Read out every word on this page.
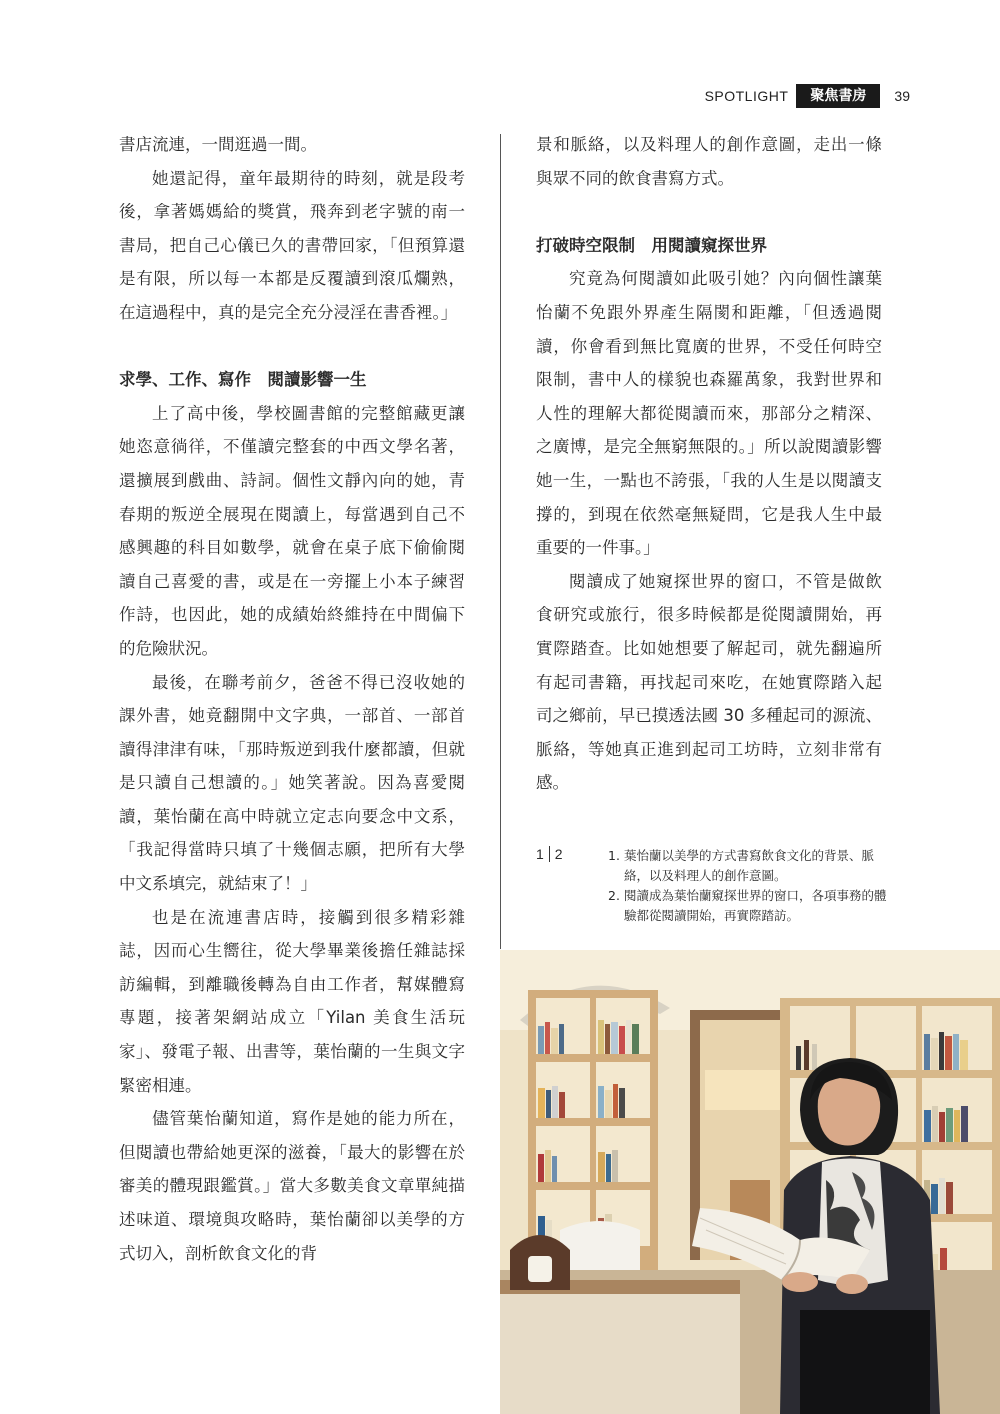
SPOTLIGHT	聚焦書房	39

書店流連，一間逛過一間。

她還記得，童年最期待的時刻，就是段考後，拿著媽媽給的獎賞，飛奔到老字號的南一書局，把自己心儀已久的書帶回家，「但預算還是有限，所以每一本都是反覆讀到滾瓜爛熟，在這過程中，真的是完全充分浸淫在書香裡。」

求學、工作、寫作　閱讀影響一生

上了高中後，學校圖書館的完整館藏更讓她恣意徜徉，不僅讀完整套的中西文學名著，還擴展到戲曲、詩詞。個性文靜內向的她，青春期的叛逆全展現在閱讀上，每當遇到自己不感興趣的科目如數學，就會在桌子底下偷偷閱讀自己喜愛的書，或是在一旁擺上小本子練習作詩，也因此，她的成績始終維持在中間偏下的危險狀況。

最後，在聯考前夕，爸爸不得已沒收她的課外書，她竟翻開中文字典，一部首、一部首讀得津津有味，「那時叛逆到我什麼都讀，但就是只讀自己想讀的。」她笑著說。因為喜愛閱讀，葉怡蘭在高中時就立定志向要念中文系，「我記得當時只填了十幾個志願，把所有大學中文系填完，就結束了！」

也是在流連書店時，接觸到很多精彩雜誌，因而心生嚮往，從大學畢業後擔任雜誌採訪編輯，到離職後轉為自由工作者，幫媒體寫專題，接著架網站成立「Yilan 美食生活玩家」、發電子報、出書等，葉怡蘭的一生與文字緊密相連。

儘管葉怡蘭知道，寫作是她的能力所在，但閱讀也帶給她更深的滋養，「最大的影響在於審美的體現跟鑑賞。」當大多數美食文章單純描述味道、環境與攻略時，葉怡蘭卻以美學的方式切入，剖析飲食文化的背

景和脈絡，以及料理人的創作意圖，走出一條與眾不同的飲食書寫方式。

打破時空限制　用閱讀窺探世界

究竟為何閱讀如此吸引她？內向個性讓葉怡蘭不免跟外界產生隔閡和距離，「但透過閱讀，你會看到無比寬廣的世界，不受任何時空限制，書中人的樣貌也森羅萬象，我對世界和人性的理解大都從閱讀而來，那部分之精深、之廣博，是完全無窮無限的。」所以說閱讀影響她一生，一點也不誇張，「我的人生是以閱讀支撐的，到現在依然毫無疑問，它是我人生中最重要的一件事。」

閱讀成了她窺探世界的窗口，不管是做飲食研究或旅行，很多時候都是從閱讀開始，再實際踏查。比如她想要了解起司，就先翻遍所有起司書籍，再找起司來吃，在她實際踏入起司之鄉前，早已摸透法國 30 多種起司的源流、脈絡，等她真正進到起司工坊時，立刻非常有感。

1 2	1. 葉怡蘭以美學的方式書寫飲食文化的背景、脈絡，以及料理人的創作意圖。
2. 閱讀成為葉怡蘭窺探世界的窗口，各項事務的體驗都從閱讀開始，再實際踏訪。
